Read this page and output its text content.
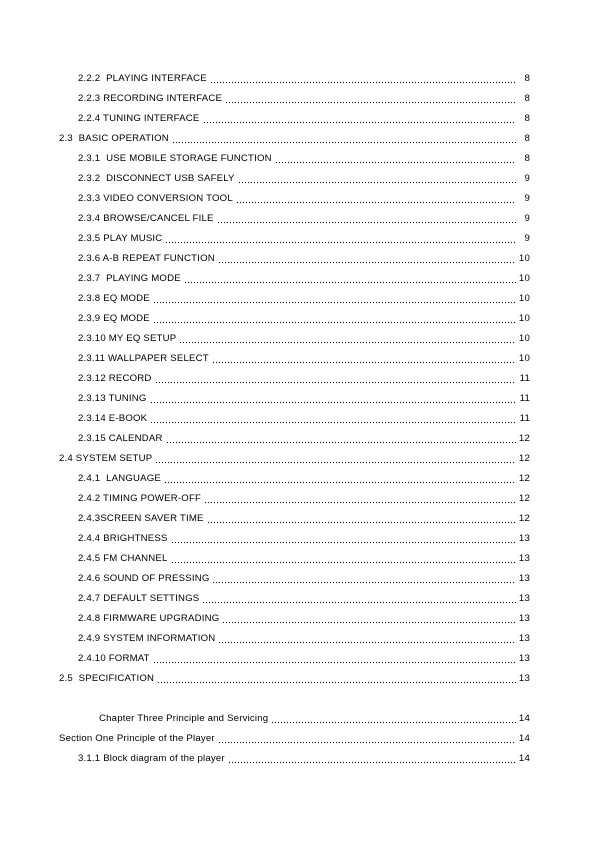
2.2.2  PLAYING INTERFACE	8
2.2.3 RECORDING INTERFACE	8
2.2.4 TUNING INTERFACE	8
2.3  BASIC OPERATION	8
2.3.1  USE MOBILE STORAGE FUNCTION	8
2.3.2  DISCONNECT USB SAFELY	9
2.3.3 VIDEO CONVERSION TOOL	9
2.3.4 BROWSE/CANCEL FILE	9
2.3.5 PLAY MUSIC	9
2.3.6 A-B REPEAT FUNCTION	10
2.3.7  PLAYING MODE	10
2.3.8 EQ MODE	10
2.3.9 EQ MODE	10
2.3.10 MY EQ SETUP	10
2.3.11 WALLPAPER SELECT	10
2.3.12 RECORD	11
2.3.13 TUNING	11
2.3.14 E-BOOK	11
2.3.15 CALENDAR	12
2.4 SYSTEM SETUP	12
2.4.1  LANGUAGE	12
2.4.2 TIMING POWER-OFF	12
2.4.3SCREEN SAVER TIME	12
2.4.4 BRIGHTNESS	13
2.4.5 FM CHANNEL	13
2.4.6 SOUND OF PRESSING	13
2.4.7 DEFAULT SETTINGS	13
2.4.8 FIRMWARE UPGRADING	13
2.4.9 SYSTEM INFORMATION	13
2.4.10 FORMAT	13
2.5  SPECIFICATION	13
Chapter Three Principle and Servicing	14
Section One Principle of the Player	14
3.1.1 Block diagram of the player	14
